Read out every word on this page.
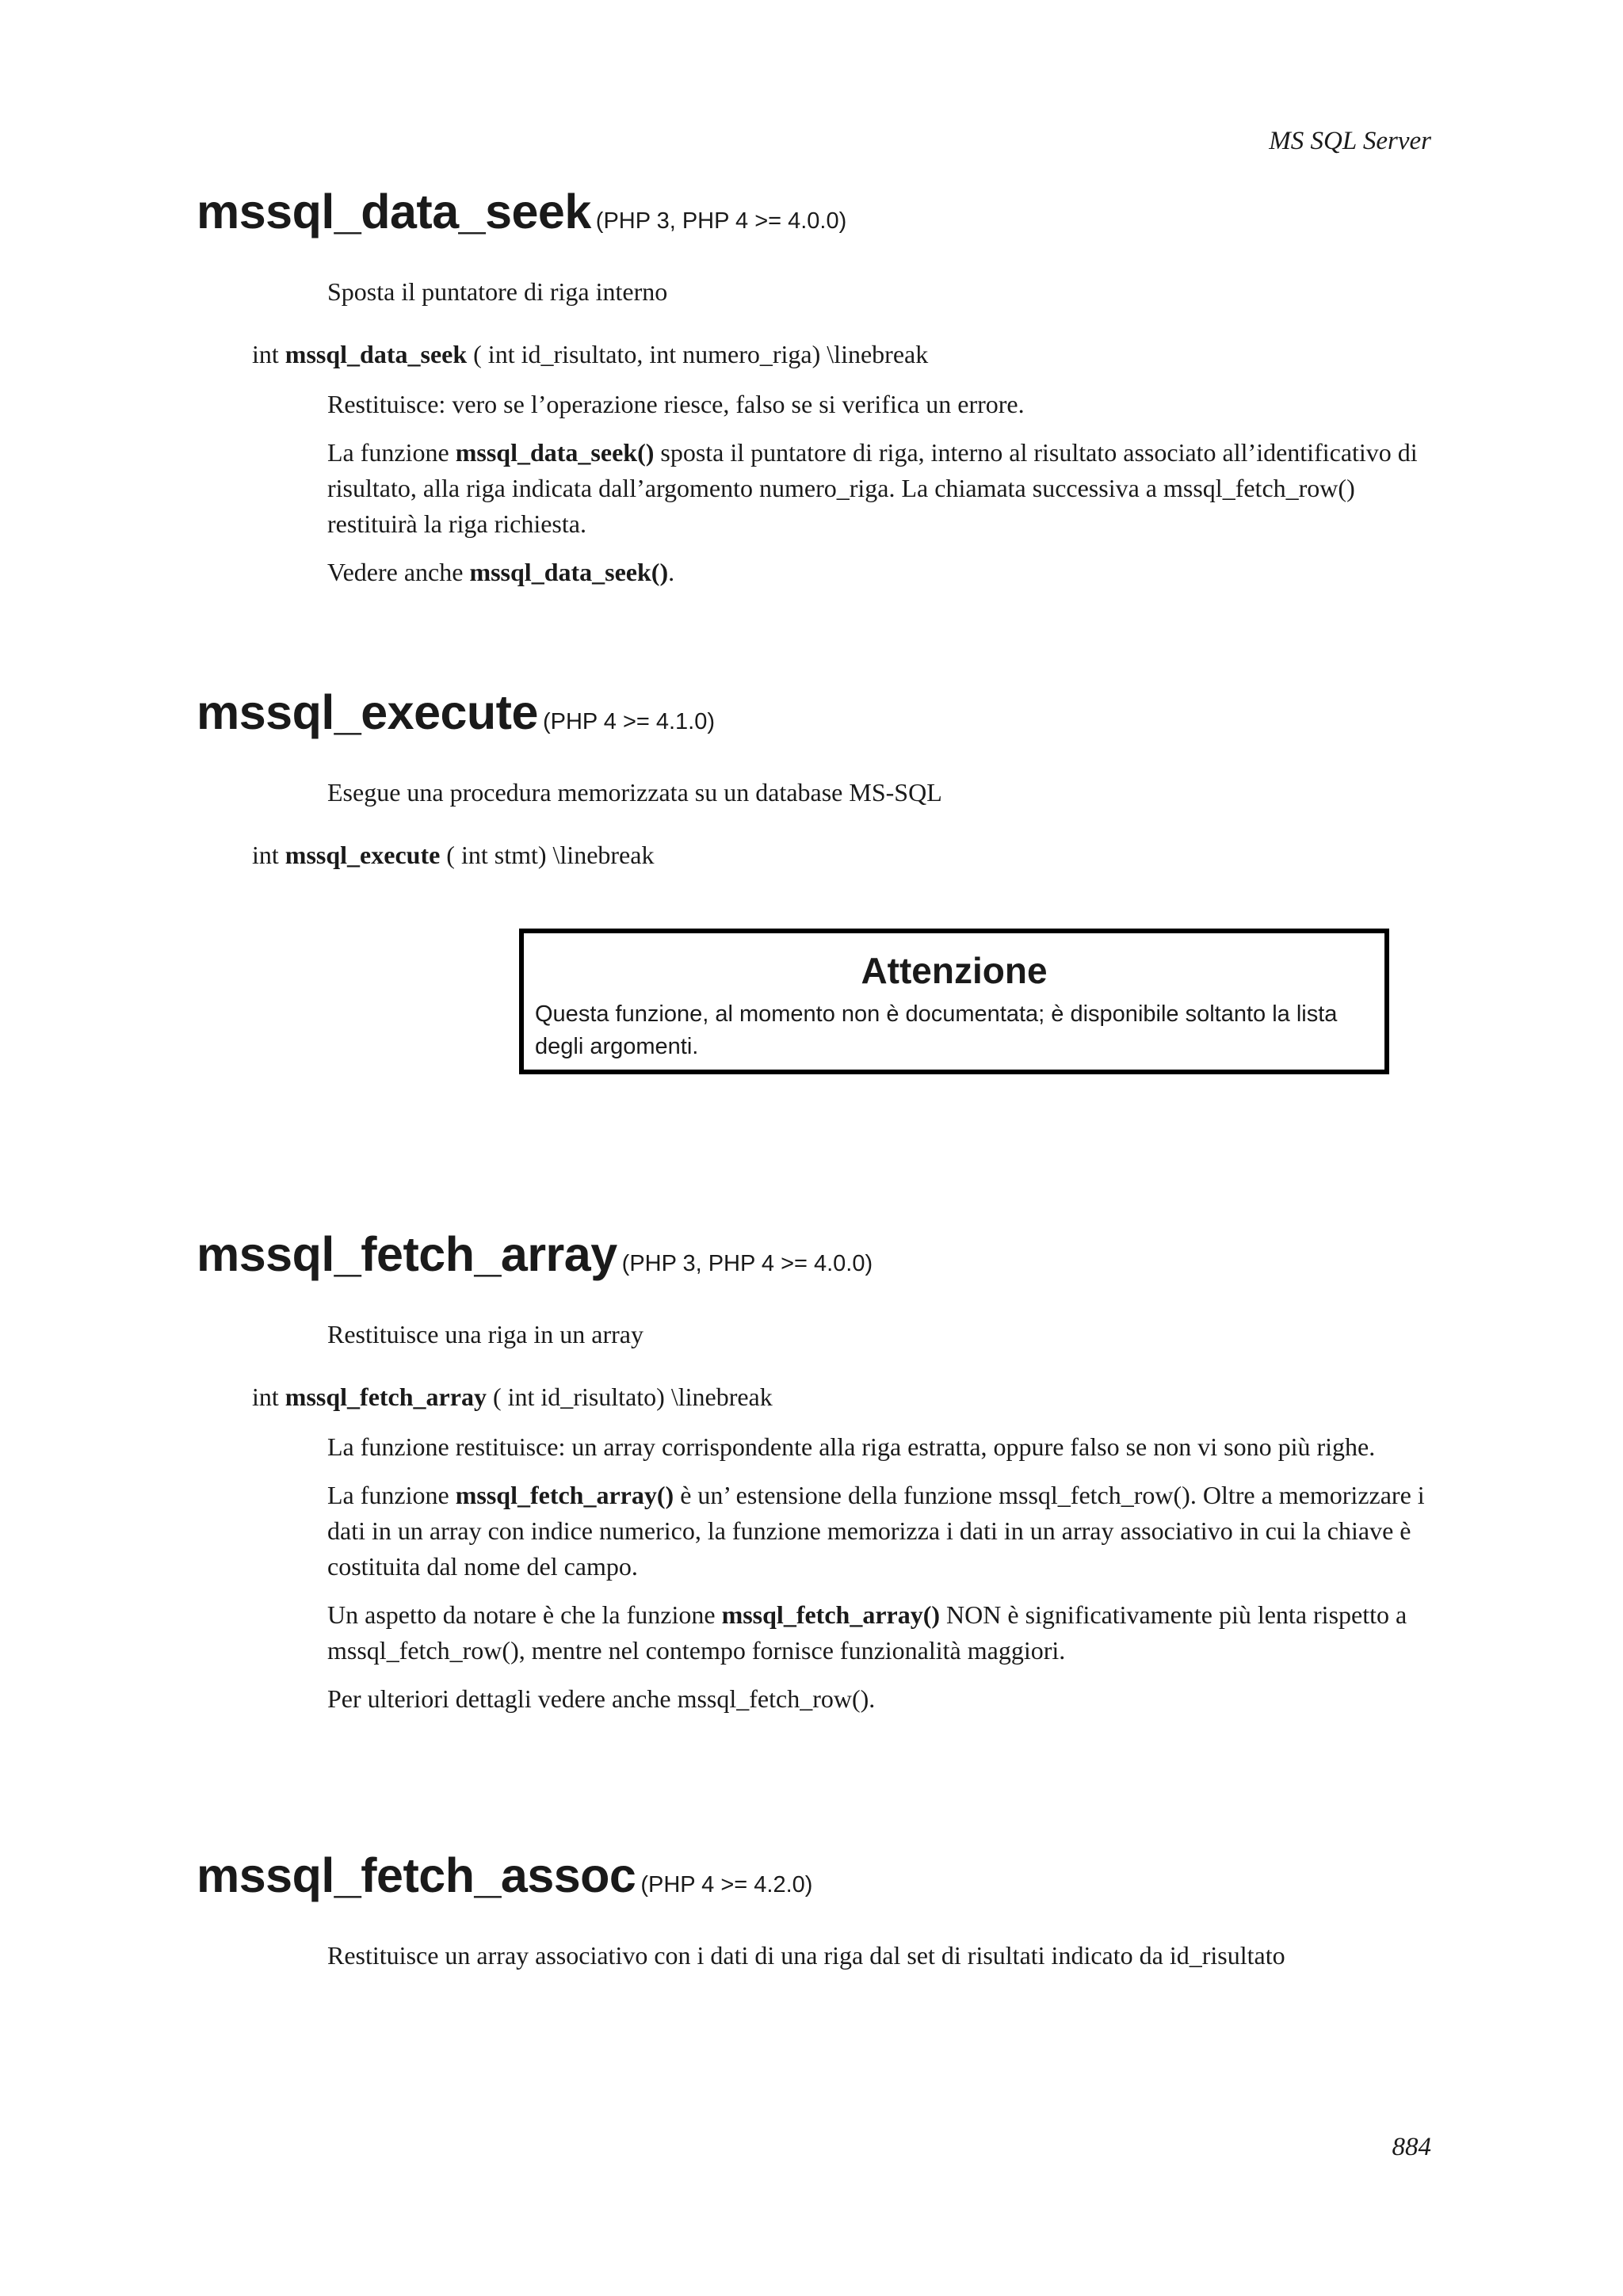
MS SQL Server
mssql_data_seek (PHP 3, PHP 4 >= 4.0.0)
Sposta il puntatore di riga interno
int mssql_data_seek ( int id_risultato, int numero_riga) \linebreak
Restituisce: vero se l’operazione riesce, falso se si verifica un errore.
La funzione mssql_data_seek() sposta il puntatore di riga, interno al risultato associato all’identificativo di risultato, alla riga indicata dall’argomento numero_riga. La chiamata successiva a mssql_fetch_row() restituirà la riga richiesta.
Vedere anche mssql_data_seek().
mssql_execute (PHP 4 >= 4.1.0)
Esegue una procedura memorizzata su un database MS-SQL
int mssql_execute ( int stmt) \linebreak
Attenzione
Questa funzione, al momento non è documentata; è disponibile soltanto la lista degli argomenti.
mssql_fetch_array (PHP 3, PHP 4 >= 4.0.0)
Restituisce una riga in un array
int mssql_fetch_array ( int id_risultato) \linebreak
La funzione restituisce: un array corrispondente alla riga estratta, oppure falso se non vi sono più righe.
La funzione mssql_fetch_array() è un’ estensione della funzione mssql_fetch_row(). Oltre a memorizzare i dati in un array con indice numerico, la funzione memorizza i dati in un array associativo in cui la chiave è costituita dal nome del campo.
Un aspetto da notare è che la funzione mssql_fetch_array() NON è significativamente più lenta rispetto a mssql_fetch_row(), mentre nel contempo fornisce funzionalità maggiori.
Per ulteriori dettagli vedere anche mssql_fetch_row().
mssql_fetch_assoc (PHP 4 >= 4.2.0)
Restituisce un array associativo con i dati di una riga dal set di risultati indicato da id_risultato
884
